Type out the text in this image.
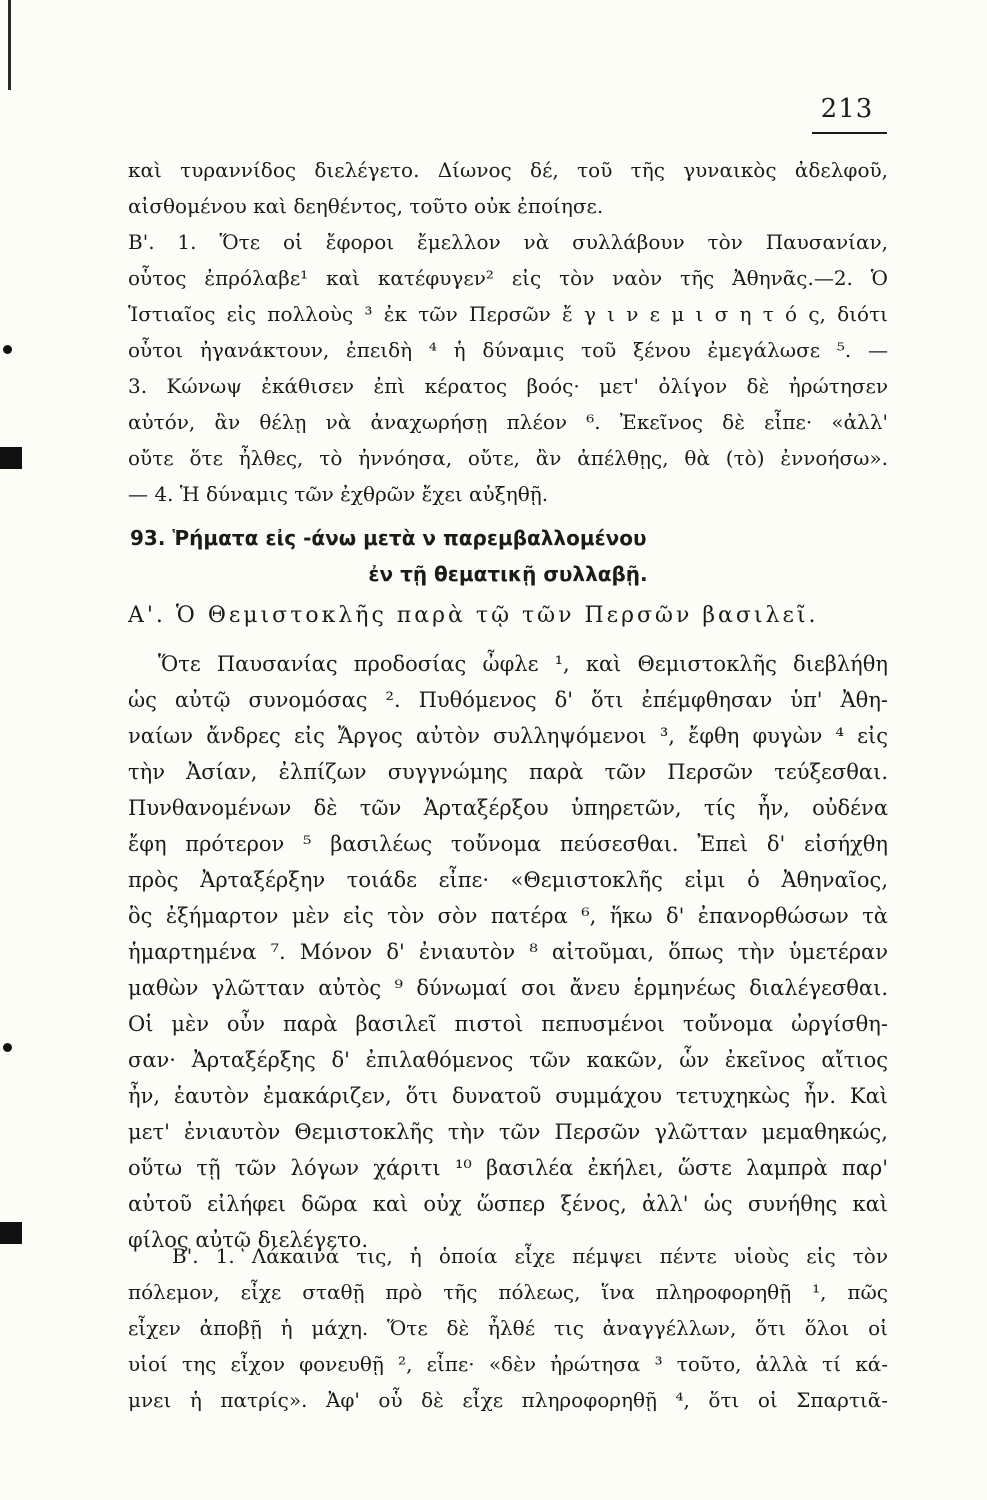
213
καὶ τυραννίδος διελέγετο. Δίωνος δέ, τοῦ τῆς γυναικὸς ἀδελφοῦ,
αἰσθομένου καὶ δεηθέντος, τοῦτο οὐκ ἐποίησε.
Β'. 1. Ὅτε οἱ ἔφοροι ἔμελλον νὰ συλλάβουν τὸν Παυσανίαν,
οὗτος ἐπρόλαβε¹ καὶ κατέφυγεν² εἰς τὸν ναὸν τῆς Ἀθηνᾶς.—2. Ὁ
Ἱστιαῖος εἰς πολλοὺς ³ ἐκ τῶν Περσῶν ἔ γ ι ν ε μ ι σ η τ ό ς, διότι
οὗτοι ἠγανάκτουν, ἐπειδὴ ⁴ ἡ δύναμις τοῦ ξένου ἐμεγάλωσε ⁵. —
3. Κώνωψ ἐκάθισεν ἐπὶ κέρατος βοός· μετ' ὀλίγον δὲ ἠρώτησεν
αὐτόν, ἂν θέλῃ νὰ ἀναχωρήσῃ πλέον ⁶. Ἐκεῖνος δὲ εἶπε· «ἀλλ'
οὔτε ὅτε ἦλθες, τὸ ἠννόησα, οὔτε, ἂν ἀπέλθῃς, θὰ (τὸ) ἐννοήσω».
— 4. Ἡ δύναμις τῶν ἐχθρῶν ἔχει αὐξηθῇ.
93. Ῥήματα εἰς -άνω μετὰ ν παρεμβαλλομένου
ἐν τῇ θεματικῇ συλλαβῇ.
Α'. Ὁ Θεμιστοκλῆς παρὰ τῷ τῶν Περσῶν βασιλεῖ.
Ὅτε Παυσανίας προδοσίας ὦφλε ¹, καὶ Θεμιστοκλῆς διεβλήθη
ὡς αὐτῷ συνομόσας ². Πυθόμενος δ' ὅτι ἐπέμφθησαν ὑπ' Ἀθη-
ναίων ἄνδρες εἰς Ἄργος αὐτὸν συλληψόμενοι ³, ἔφθη φυγὼν ⁴ εἰς
τὴν Ἀσίαν, ἐλπίζων συγγνώμης παρὰ τῶν Περσῶν τεύξεσθαι.
Πυνθανομένων δὲ τῶν Ἀρταξέρξου ὑπηρετῶν, τίς ἦν, οὐδένα
ἔφη πρότερον ⁵ βασιλέως τοὔνομα πεύσεσθαι. Ἐπεὶ δ' εἰσήχθη
πρὸς Ἀρταξέρξην τοιάδε εἶπε· «Θεμιστοκλῆς εἰμι ὁ Ἀθηναῖος,
ὃς ἐξήμαρτον μὲν εἰς τὸν σὸν πατέρα ⁶, ἥκω δ' ἐπανορθώσων τὰ
ἡμαρτημένα ⁷. Μόνον δ' ἐνιαυτὸν ⁸ αἰτοῦμαι, ὅπως τὴν ὑμετέραν
μαθὼν γλῶτταν αὐτὸς ⁹ δύνωμαί σοι ἄνευ ἑρμηνέως διαλέγεσθαι.
Οἱ μὲν οὖν παρὰ βασιλεῖ πιστοὶ πεπυσμένοι τοὔνομα ὠργίσθη-
σαν· Ἀρταξέρξης δ' ἐπιλαθόμενος τῶν κακῶν, ὧν ἐκεῖνος αἴτιος
ἦν, ἑαυτὸν ἐμακάριζεν, ὅτι δυνατοῦ συμμάχου τετυχηκὼς ἦν. Καὶ
μετ' ἐνιαυτὸν Θεμιστοκλῆς τὴν τῶν Περσῶν γλῶτταν μεμαθηκώς,
οὕτω τῇ τῶν λόγων χάριτι ¹⁰ βασιλέα ἐκήλει, ὥστε λαμπρὰ παρ'
αὐτοῦ εἰλήφει δῶρα καὶ οὐχ ὥσπερ ξένος, ἀλλ' ὡς συνήθης καὶ
φίλος αὐτῷ διελέγετο.
Β'. 1. Λάκαινά τις, ἡ ὁποία εἶχε πέμψει πέντε υἱοὺς εἰς τὸν
πόλεμον, εἶχε σταθῇ πρὸ τῆς πόλεως, ἵνα πληροφορηθῇ ¹, πῶς
εἶχεν ἀποβῇ ἡ μάχη. Ὅτε δὲ ἦλθέ τις ἀναγγέλλων, ὅτι ὅλοι οἱ
υἱοί της εἶχον φονευθῇ ², εἶπε· «δὲν ἠρώτησα ³ τοῦτο, ἀλλὰ τί κά-
μνει ἡ πατρίς». Ἀφ' οὗ δὲ εἶχε πληροφορηθῇ ⁴, ὅτι οἱ Σπαρτιᾶ-
